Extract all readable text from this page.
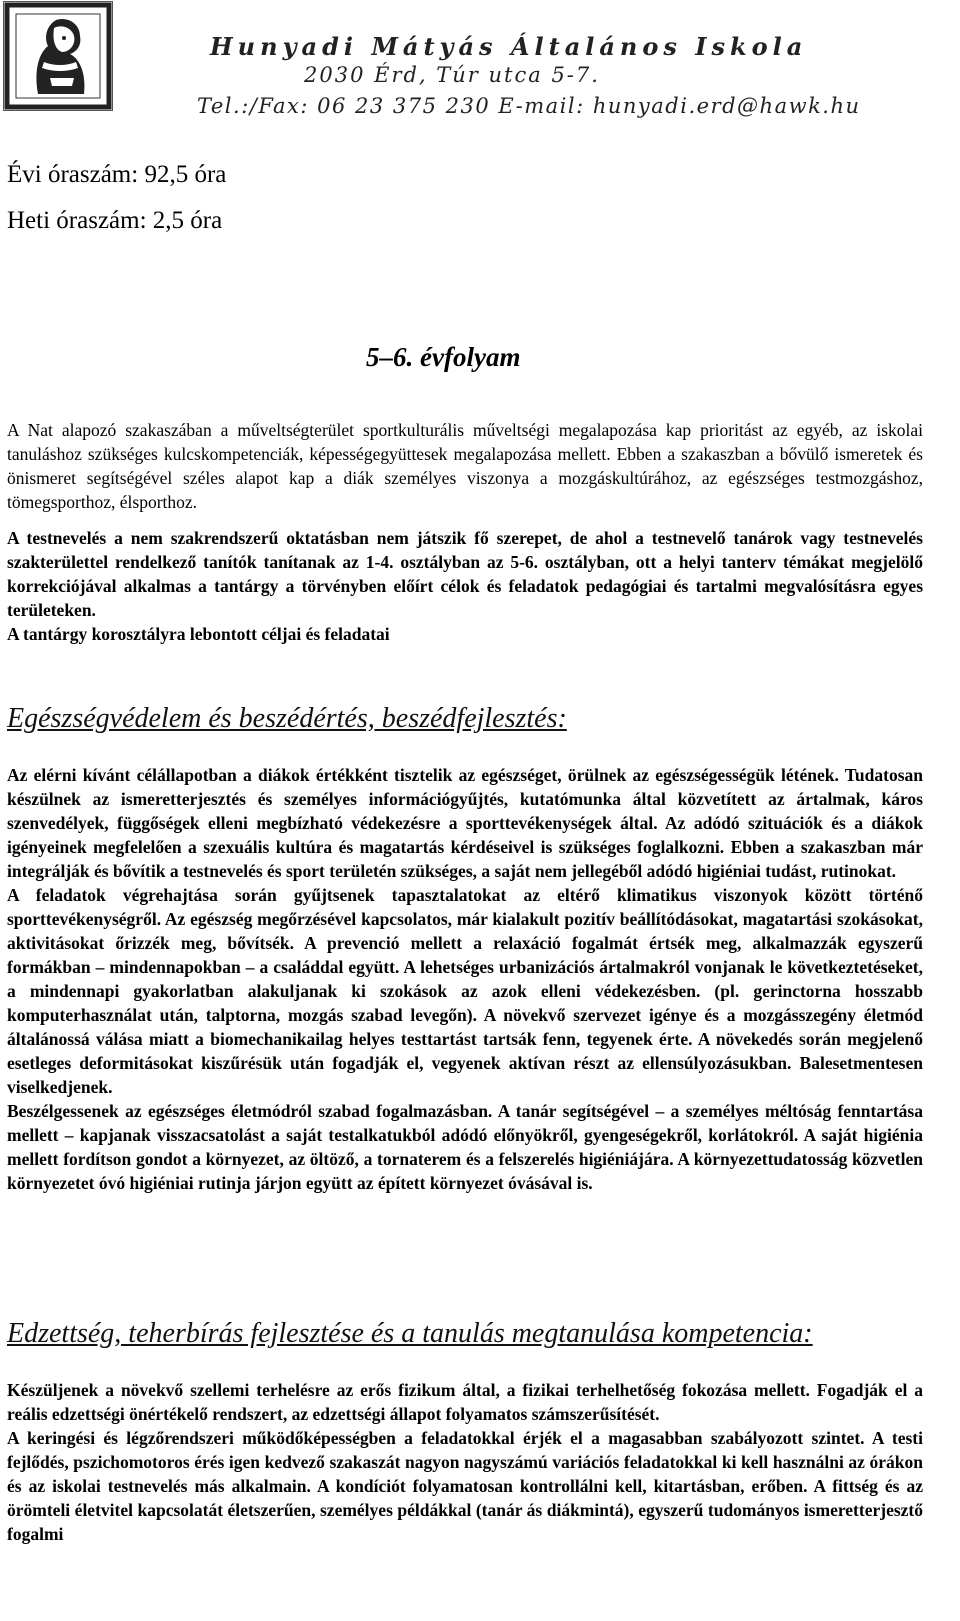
Hunyadi Mátyás Általános Iskola
2030 Érd, Túr utca 5-7.
Tel.:/Fax: 06 23 375 230 E-mail: hunyadi.erd@hawk.hu
Évi óraszám: 92,5 óra
Heti óraszám: 2,5 óra
5–6. évfolyam

A Nat alapozó szakaszában a műveltségterület sportkulturális műveltségi megalapozása kap prioritást az egyéb, az iskolai tanuláshoz szükséges kulcskompetenciák, képességegyüttesek megalapozása mellett. Ebben a szakaszban a bővülő ismeretek és önismeret segítségével széles alapot kap a diák személyes viszonya a mozgáskultúrához, az egészséges testmozgáshoz, tömegsporthoz, élsporthoz.

A testnevelés a nem szakrendszerű oktatásban nem játszik fő szerepet, de ahol a testnevelő tanárok vagy testnevelés szakterülettel rendelkező tanítók tanítanak az 1-4. osztályban az 5-6. osztályban, ott a helyi tanterv témákat megjelölő korrekciójával alkalmas a tantárgy a törvényben előírt célok és feladatok pedagógiai és tartalmi megvalósításra egyes területeken.

A tantárgy korosztályra lebontott céljai és feladatai

Egészségvédelem és beszédértés, beszédfejlesztés:

Az elérni kívánt célállapotban a diákok értékként tisztelik az egészséget, örülnek az egészségességük létének. Tudatosan készülnek az ismeretterjesztés és személyes információgyűjtés, kutatómunka által közvetített az ártalmak, káros szenvedélyek, függőségek elleni megbízható védekezésre a sporttevékenységek által. Az adódó szituációk és a diákok igényeinek megfelelően a szexuális kultúra és magatartás kérdéseivel is szükséges foglalkozni. Ebben a szakaszban már integrálják és bővítik a testnevelés és sport területén szükséges, a saját nem jellegéből adódó higiéniai tudást, rutinokat.

A feladatok végrehajtása során gyűjtsenek tapasztalatokat az eltérő klimatikus viszonyok között történő sporttevékenységről. Az egészség megőrzésével kapcsolatos, már kialakult pozitív beállítódásokat, magatartási szokásokat, aktivitásokat őrizzék meg, bővítsék. A prevenció mellett a relaxáció fogalmát értsék meg, alkalmazzák egyszerű formákban – mindennapokban – a családdal együtt. A lehetséges urbanizációs ártalmakról vonjanak le következtetéseket, a mindennapi gyakorlatban alakuljanak ki szokások az azok elleni védekezésben. (pl. gerinctorna hosszabb komputerhasználat után, talptorna, mozgás szabad levegőn). A növekvő szervezet igénye és a mozgásszegény életmód általánossá válása miatt a biomechanikailag helyes testtartást tartsák fenn, tegyenek érte. A növekedés során megjelenő esetleges deformitásokat kiszűrésük után fogadják el, vegyenek aktívan részt az ellensúlyozásukban. Balesetmentesen viselkedjenek.

Beszélgessenek az egészséges életmódról szabad fogalmazásban. A tanár segítségével – a személyes méltóság fenntartása mellett – kapjanak visszacsatolást a saját testalkatukból adódó előnyökről, gyengeségekről, korlátokról. A saját higiénia mellett fordítson gondot a környezet, az öltöző, a tornaterem és a felszerelés higiéniájára. A környezettudatosság közvetlen környezetet óvó higiéniai rutinja járjon együtt az épített környezet óvásával is.

Edzettség, teherbírás fejlesztése és a tanulás megtanulása kompetencia:

Készüljenek a növekvő szellemi terhelésre az erős fizikum által, a fizikai terhelhetőség fokozása mellett. Fogadják el a reális edzettségi önértékelő rendszert, az edzettségi állapot folyamatos számszerűsítését.

A keringési és légzőrendszeri működőképességben a feladatokkal érjék el a magasabban szabályozott szintet. A testi fejlődés, pszichomotoros érés igen kedvező szakaszát nagyon nagyszámú variációs feladatokkal ki kell használni az órákon és az iskolai testnevelés más alkalmain. A kondíciót folyamatosan kontrollálni kell, kitartásban, erőben. A fittség és az örömteli életvitel kapcsolatát életszerűen, személyes példákkal (tanár ás diákmintá), egyszerű tudományos ismeretterjesztő fogalmi
